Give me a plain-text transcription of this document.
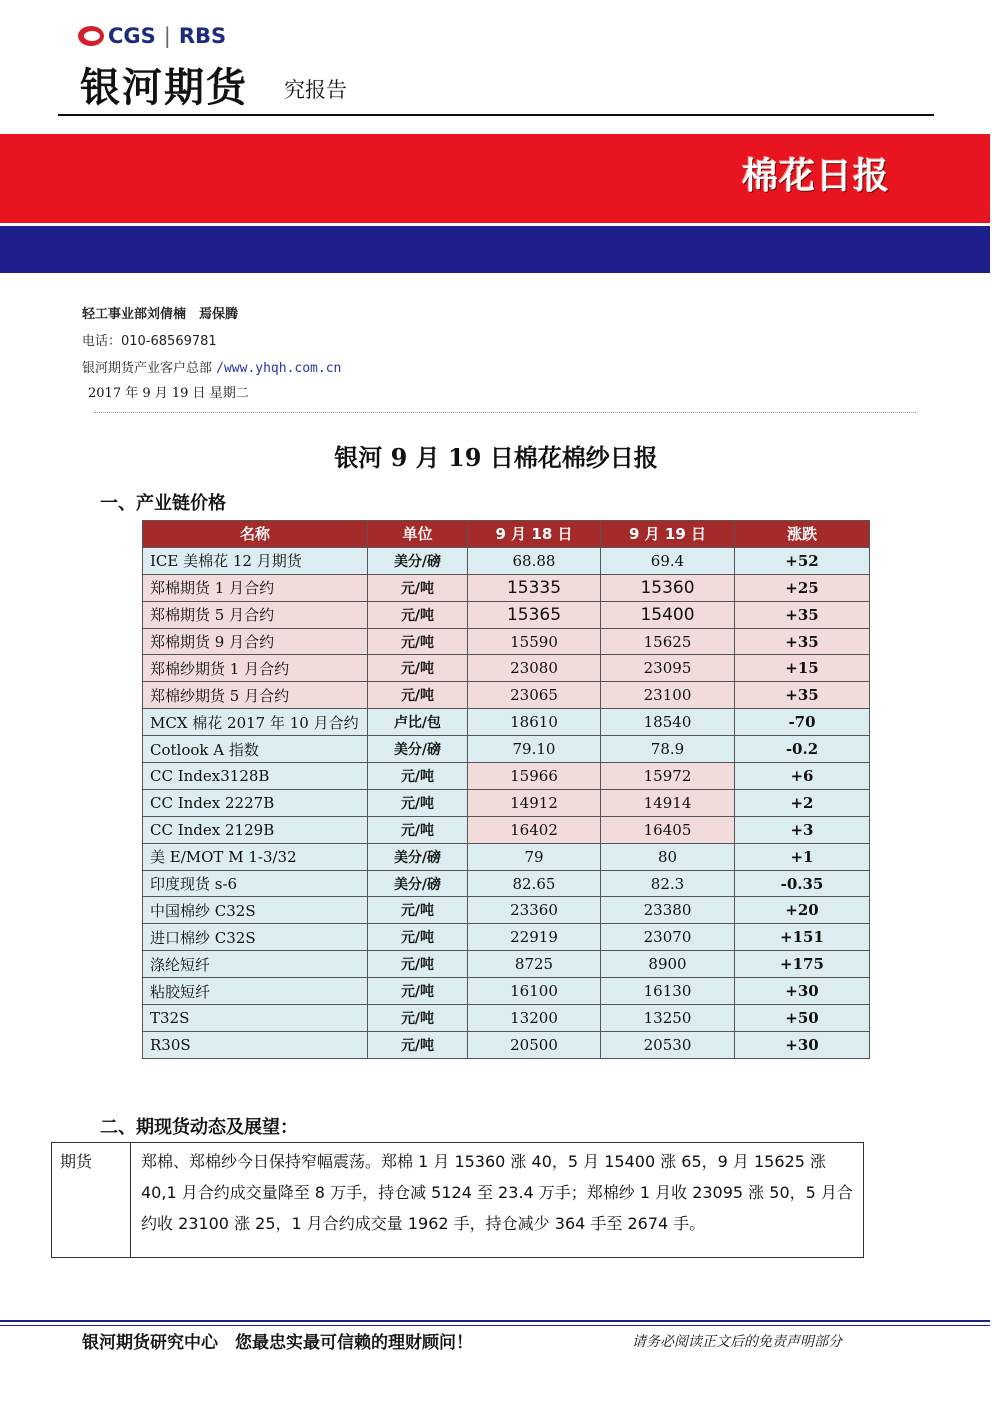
CGS | RBS
银河期货 究报告
棉花日报
轻工事业部刘倩楠　焉保腾
电话：010-68569781
银河期货产业客户总部 /www.yhqh.com.cn
2017 年 9 月 19 日 星期二
银河 9 月 19 日棉花棉纱日报
一、产业链价格
名称	单位	9 月 18 日	9 月 19 日	涨跌
ICE 美棉花 12 月期货	美分/磅	68.88	69.4	+52
郑棉期货 1 月合约	元/吨	15335	15360	+25
郑棉期货 5 月合约	元/吨	15365	15400	+35
郑棉期货 9 月合约	元/吨	15590	15625	+35
郑棉纱期货 1 月合约	元/吨	23080	23095	+15
郑棉纱期货 5 月合约	元/吨	23065	23100	+35
MCX 棉花 2017 年 10 月合约	卢比/包	18610	18540	-70
Cotlook A 指数	美分/磅	79.10	78.9	-0.2
CC Index3128B	元/吨	15966	15972	+6
CC Index 2227B	元/吨	14912	14914	+2
CC Index 2129B	元/吨	16402	16405	+3
美 E/MOT M 1-3/32	美分/磅	79	80	+1
印度现货 s-6	美分/磅	82.65	82.3	-0.35
中国棉纱 C32S	元/吨	23360	23380	+20
进口棉纱 C32S	元/吨	22919	23070	+151
涤纶短纤	元/吨	8725	8900	+175
粘胶短纤	元/吨	16100	16130	+30
T32S	元/吨	13200	13250	+50
R30S	元/吨	20500	20530	+30
二、期现货动态及展望：
期货	郑棉、郑棉纱今日保持窄幅震荡。郑棉 1 月 15360 涨 40，5 月 15400 涨 65，9 月 15625 涨 40,1 月合约成交量降至 8 万手，持仓减 5124 至 23.4 万手；郑棉纱 1 月收 23095 涨 50，5 月合约收 23100 涨 25，1 月合约成交量 1962 手，持仓减少 364 手至 2674 手。
银河期货研究中心　您最忠实最可信赖的理财顾问！	请务必阅读正文后的免责声明部分
